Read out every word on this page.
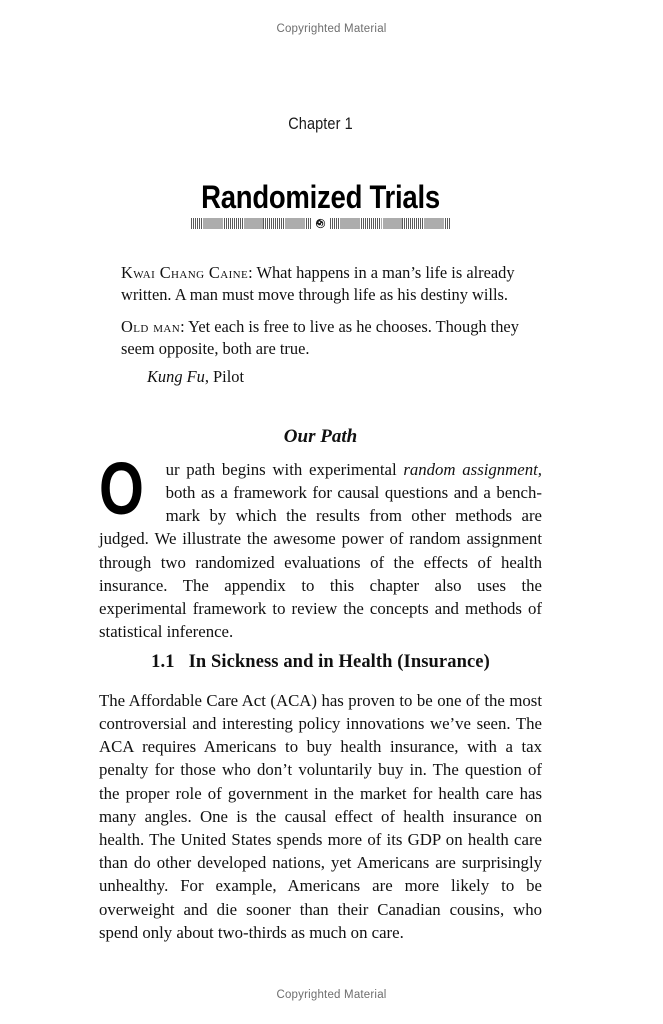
Copyrighted Material
Chapter 1
Randomized Trials

Kwai Chang Caine: What happens in a man’s life is already written. A man must move through life as his destiny wills.

Old man: Yet each is free to live as he chooses. Though they seem opposite, both are true.

Kung Fu, Pilot

Our Path

O ur path begins with experimental random assignment, both as a framework for causal questions and a benchmark by which the results from other methods are judged. We illustrate the awesome power of random assignment through two randomized evaluations of the effects of health insurance. The appendix to this chapter also uses the experimental framework to review the concepts and methods of statistical inference.

1.1 In Sickness and in Health (Insurance)

The Affordable Care Act (ACA) has proven to be one of the most controversial and interesting policy innovations we’ve seen. The ACA requires Americans to buy health insurance, with a tax penalty for those who don’t voluntarily buy in. The question of the proper role of government in the market for health care has many angles. One is the causal effect of health insurance on health. The United States spends more of its GDP on health care than do other developed nations, yet Americans are surprisingly unhealthy. For example, Americans are more likely to be overweight and die sooner than their Canadian cousins, who spend only about two-thirds as much on care.

Copyrighted Material
